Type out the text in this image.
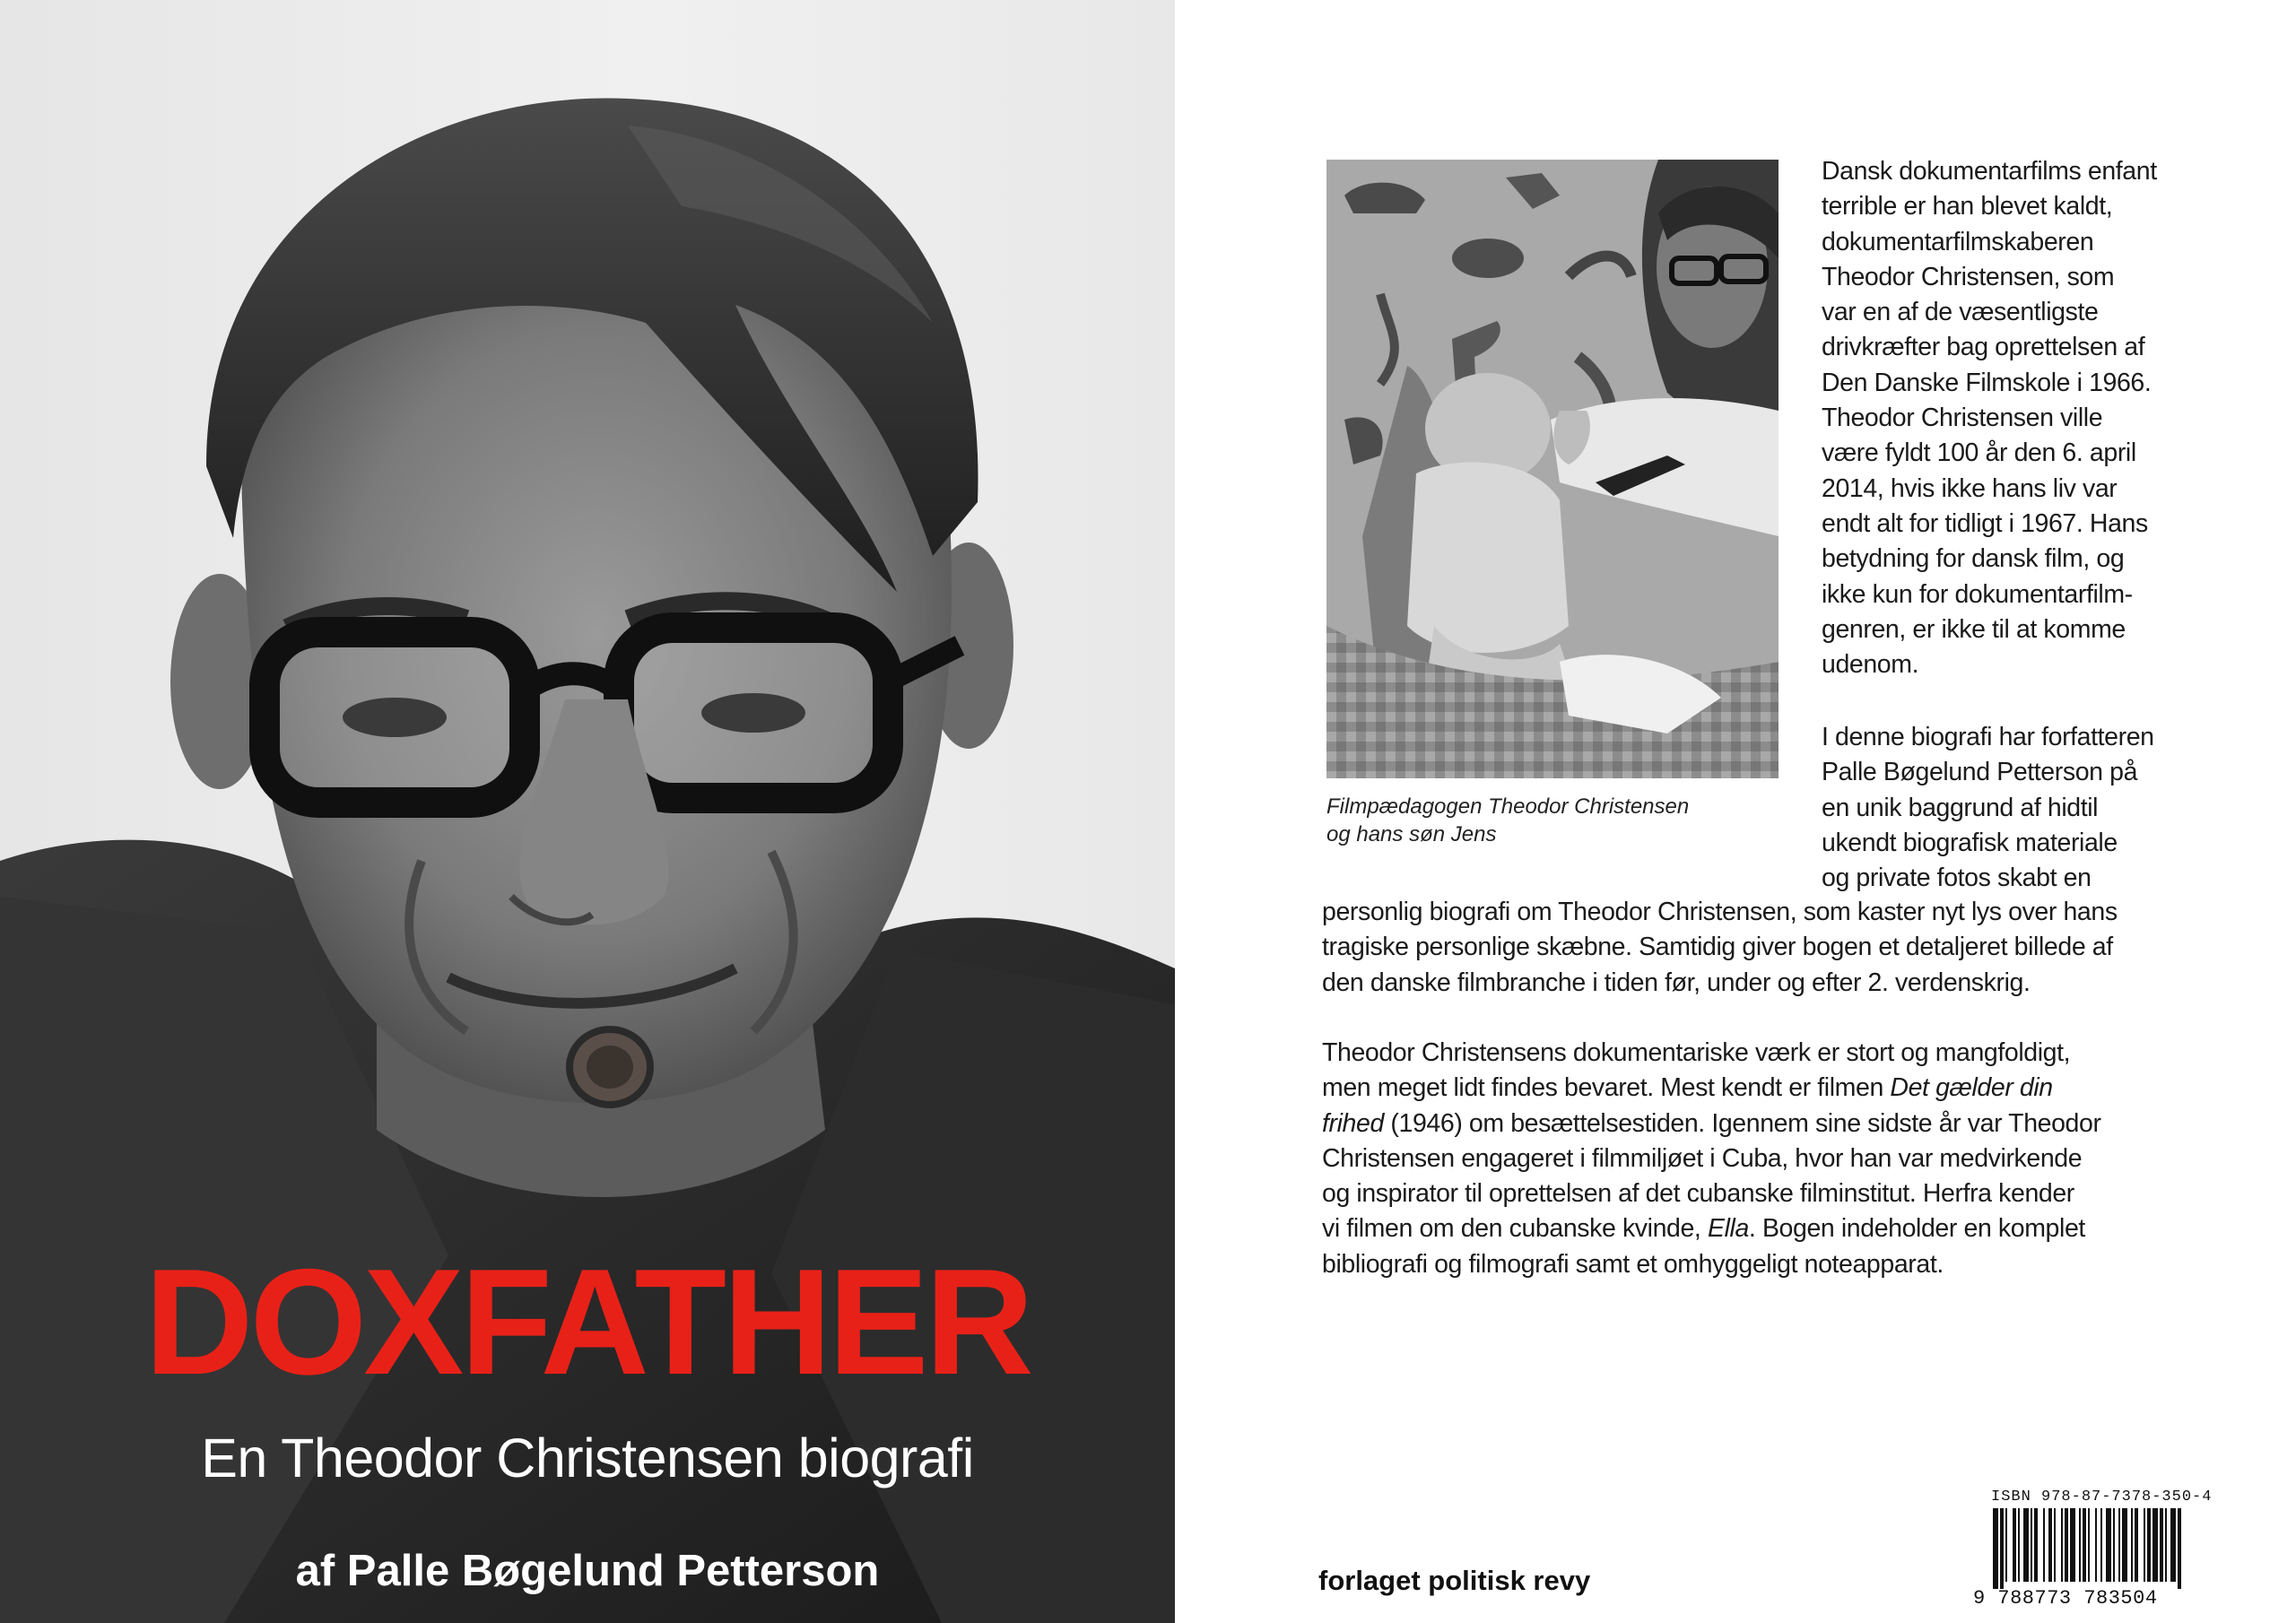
DOXFATHER
En Theodor Christensen biografi
af Palle Bøgelund Petterson

Filmpædagogen Theodor Christensen
og hans søn Jens

Dansk dokumentarfilms enfant
terrible er han blevet kaldt,
dokumentarfilmskaberen
Theodor Christensen, som
var en af de væsentligste
drivkræfter bag oprettelsen af
Den Danske Filmskole i 1966.
Theodor Christensen ville
være fyldt 100 år den 6. april
2014, hvis ikke hans liv var
endt alt for tidligt i 1967. Hans
betydning for dansk film, og
ikke kun for dokumentarfilm-
genren, er ikke til at komme
udenom.

I denne biografi har forfatteren
Palle Bøgelund Petterson på
en unik baggrund af hidtil
ukendt biografisk materiale
og private fotos skabt en

personlig biografi om Theodor Christensen, som kaster nyt lys over hans
tragiske personlige skæbne. Samtidig giver bogen et detaljeret billede af
den danske filmbranche i tiden før, under og efter 2. verdenskrig.

Theodor Christensens dokumentariske værk er stort og mangfoldigt,
men meget lidt findes bevaret. Mest kendt er filmen Det gælder din
frihed (1946) om besættelsestiden. Igennem sine sidste år var Theodor
Christensen engageret i filmmiljøet i Cuba, hvor han var medvirkende
og inspirator til oprettelsen af det cubanske filminstitut. Herfra kender
vi filmen om den cubanske kvinde, Ella. Bogen indeholder en komplet
bibliografi og filmografi samt et omhyggeligt noteapparat.

forlaget politisk revy

ISBN 978-87-7378-350-4
9 788773 783504
